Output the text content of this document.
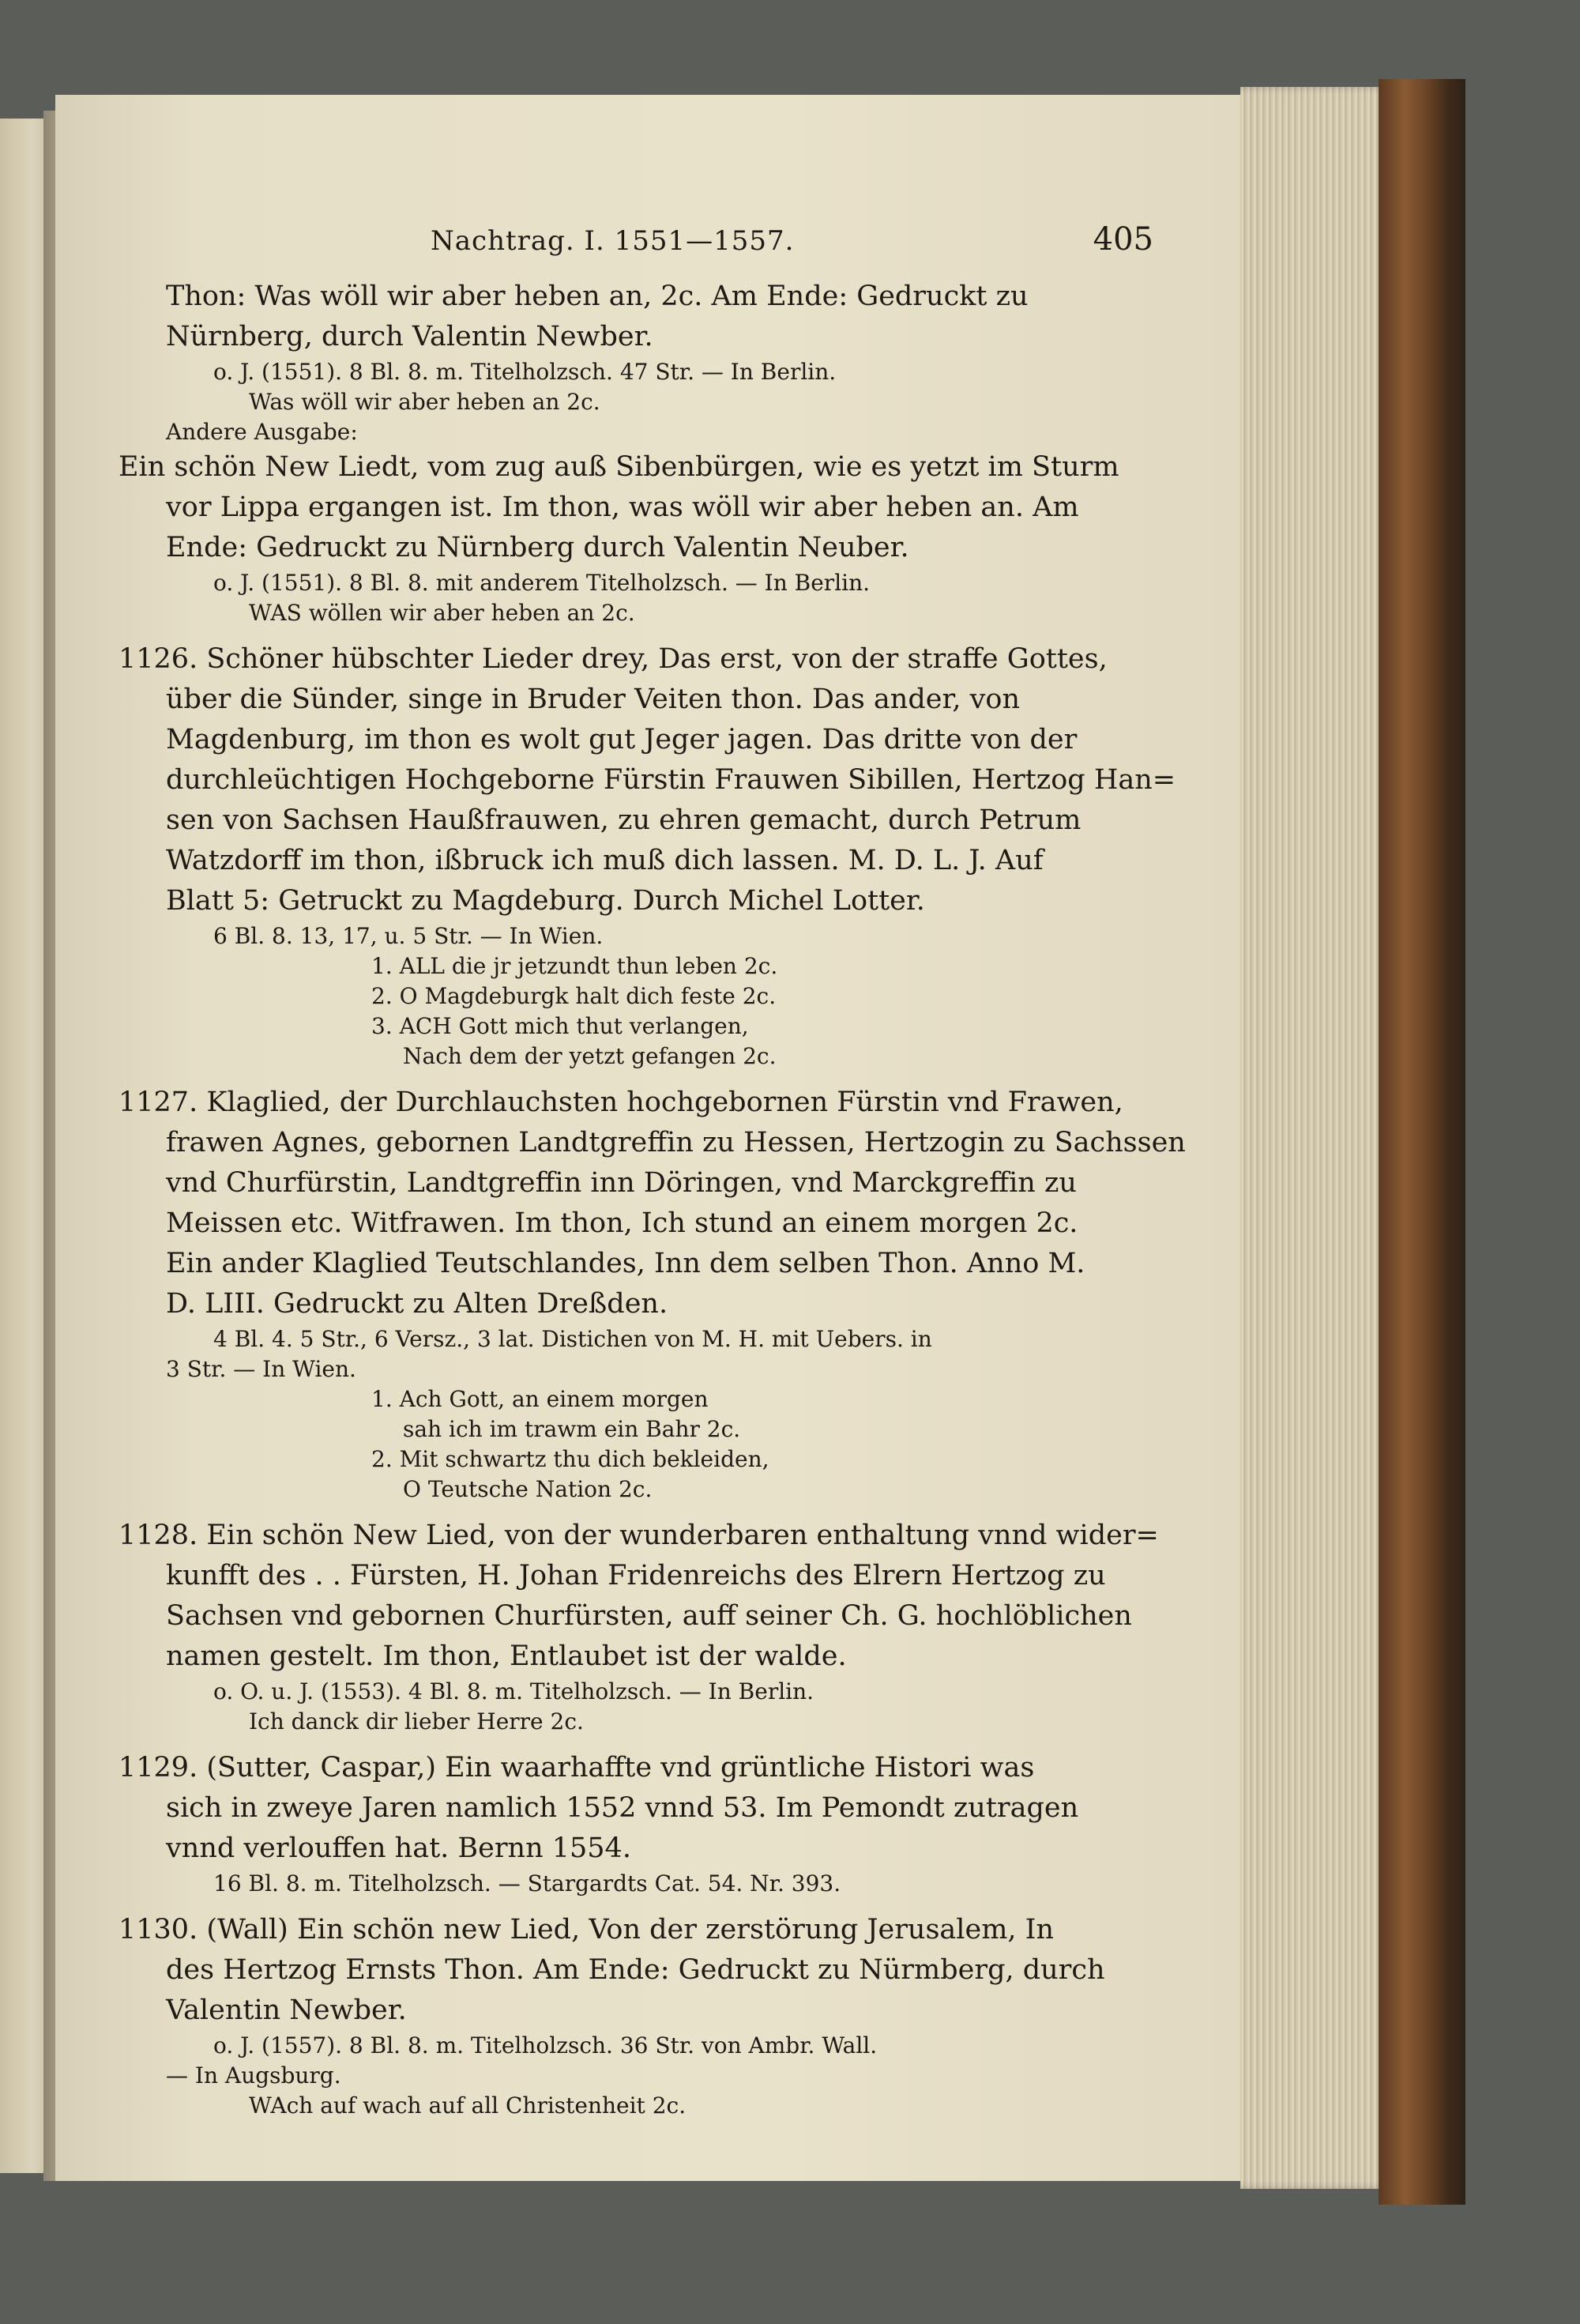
Nachtrag. I. 1551—1557.	405
Thon: Was wöll wir aber heben an, 2c. Am Ende: Gedruckt zu
Nürnberg, durch Valentin Newber.
o. J. (1551). 8 Bl. 8. m. Titelholzsch. 47 Str. — In Berlin.
Was wöll wir aber heben an 2c.
Andere Ausgabe:
Ein schön New Liedt, vom zug auß Sibenbürgen, wie es yetzt im Sturm
vor Lippa ergangen ist. Im thon, was wöll wir aber heben an. Am
Ende: Gedruckt zu Nürnberg durch Valentin Neuber.
o. J. (1551). 8 Bl. 8. mit anderem Titelholzsch. — In Berlin.
WAS wöllen wir aber heben an 2c.
1126. Schöner hübschter Lieder drey, Das erst, von der straffe Gottes,
über die Sünder, singe in Bruder Veiten thon. Das ander, von
Magdenburg, im thon es wolt gut Jeger jagen. Das dritte von der
durchleüchtigen Hochgeborne Fürstin Frauwen Sibillen, Hertzog Han=
sen von Sachsen Haußfrauwen, zu ehren gemacht, durch Petrum
Watzdorff im thon, ißbruck ich muß dich lassen. M. D. L. J. Auf
Blatt 5: Getruckt zu Magdeburg. Durch Michel Lotter.
6 Bl. 8. 13, 17, u. 5 Str. — In Wien.
1. ALL die jr jetzundt thun leben 2c.
2. O Magdeburgk halt dich feste 2c.
3. ACH Gott mich thut verlangen,
Nach dem der yetzt gefangen 2c.
1127. Klaglied, der Durchlauchsten hochgebornen Fürstin vnd Frawen,
frawen Agnes, gebornen Landtgreffin zu Hessen, Hertzogin zu Sachssen
vnd Churfürstin, Landtgreffin inn Döringen, vnd Marckgreffin zu
Meissen etc. Witfrawen. Im thon, Ich stund an einem morgen 2c.
Ein ander Klaglied Teutschlandes, Inn dem selben Thon. Anno M.
D. LIII. Gedruckt zu Alten Dreßden.
4 Bl. 4. 5 Str., 6 Versz., 3 lat. Distichen von M. H. mit Uebers. in
3 Str. — In Wien.
1. Ach Gott, an einem morgen
sah ich im trawm ein Bahr 2c.
2. Mit schwartz thu dich bekleiden,
O Teutsche Nation 2c.
1128. Ein schön New Lied, von der wunderbaren enthaltung vnnd wider=
kunfft des . . Fürsten, H. Johan Fridenreichs des Elrern Hertzog zu
Sachsen vnd gebornen Churfürsten, auff seiner Ch. G. hochlöblichen
namen gestelt. Im thon, Entlaubet ist der walde.
o. O. u. J. (1553). 4 Bl. 8. m. Titelholzsch. — In Berlin.
Ich danck dir lieber Herre 2c.
1129. (Sutter, Caspar,) Ein waarhafftе vnd grüntliche Histori was
sich in zweye Jaren namlich 1552 vnnd 53. Im Pemondt zutragen
vnnd verlouffen hat. Bernn 1554.
16 Bl. 8. m. Titelholzsch. — Stargardts Cat. 54. Nr. 393.
1130. (Wall) Ein schön new Lied, Von der zerstörung Jerusalem, In
des Hertzog Ernsts Thon. Am Ende: Gedruckt zu Nürmberg, durch
Valentin Newber.
o. J. (1557). 8 Bl. 8. m. Titelholzsch. 36 Str. von Ambr. Wall.
— In Augsburg.
WAch auf wach auf all Christenheit 2c.
